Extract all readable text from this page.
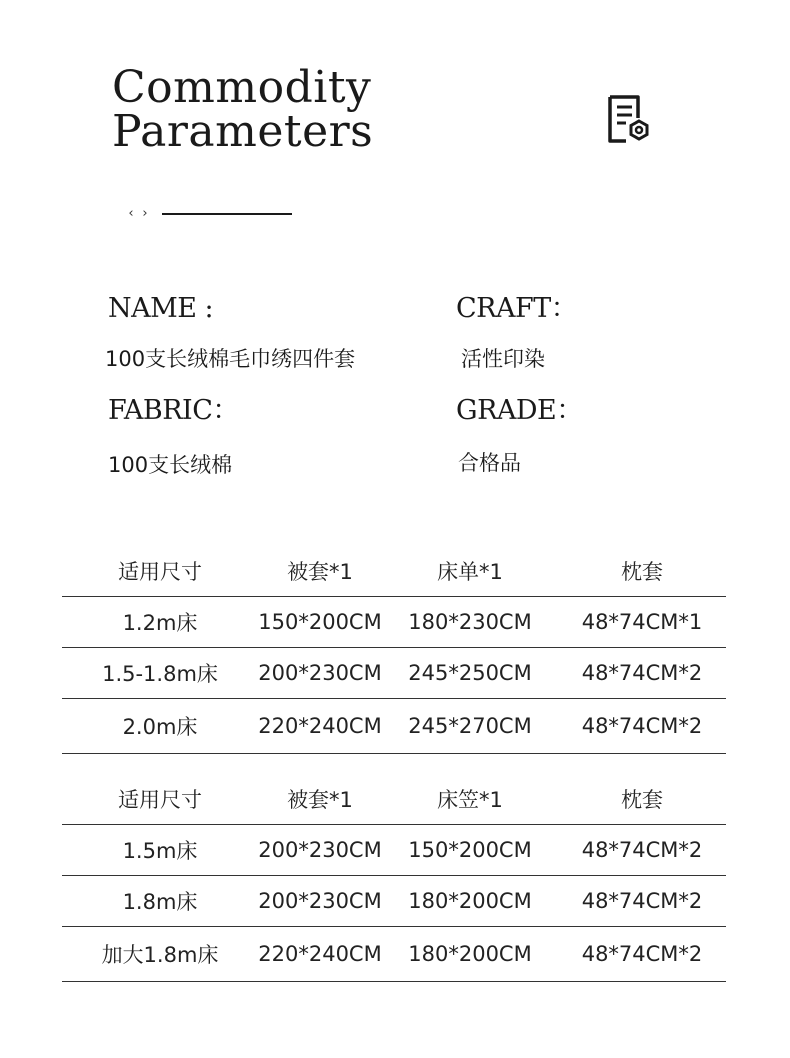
Commodity
Parameters
‹ ›
NAME :
100支长绒棉毛巾绣四件套
CRAFT：
活性印染
FABRIC：
100支长绒棉
GRADE：
合格品
适用尺寸	被套*1	床单*1	枕套
1.2m床	150*200CM	180*230CM	48*74CM*1
1.5-1.8m床	200*230CM	245*250CM	48*74CM*2
2.0m床	220*240CM	245*270CM	48*74CM*2
适用尺寸	被套*1	床笠*1	枕套
1.5m床	200*230CM	150*200CM	48*74CM*2
1.8m床	200*230CM	180*200CM	48*74CM*2
加大1.8m床	220*240CM	180*200CM	48*74CM*2
